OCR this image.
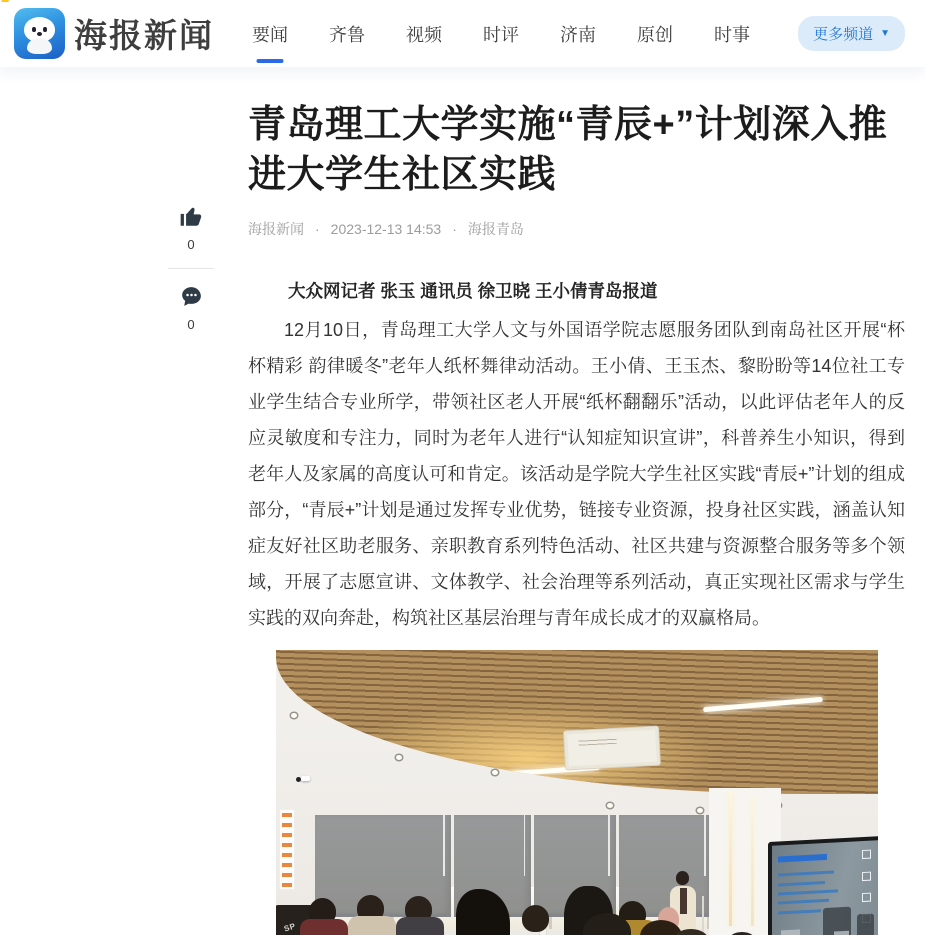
海报新闻 要闻 齐鲁 视频 时评 济南 原创 时事	更多频道 ▼
0
0
青岛理工大学实施“青辰+”计划深入推进大学生社区实践
海报新闻 · 2023-12-13 14:53 · 海报青岛

大众网记者 张玉 通讯员 徐卫晓 王小倩青岛报道

12月10日，青岛理工大学人文与外国语学院志愿服务团队到南岛社区开展“杯杯精彩 韵律暖冬”老年人纸杯舞律动活动。王小倩、王玉杰、黎盼盼等14位社工专业学生结合专业所学，带领社区老人开展“纸杯翻翻乐”活动，以此评估老年人的反应灵敏度和专注力，同时为老年人进行“认知症知识宣讲”，科普养生小知识，得到老年人及家属的高度认可和肯定。该活动是学院大学生社区实践“青辰+”计划的组成部分，“青辰+”计划是通过发挥专业优势，链接专业资源，投身社区实践，涵盖认知症友好社区助老服务、亲职教育系列特色活动、社区共建与资源整合服务等多个领域，开展了志愿宣讲、文体教学、社会治理等系列活动，真正实现社区需求与学生实践的双向奔赴，构筑社区基层治理与青年成长成才的双赢格局。

SP
